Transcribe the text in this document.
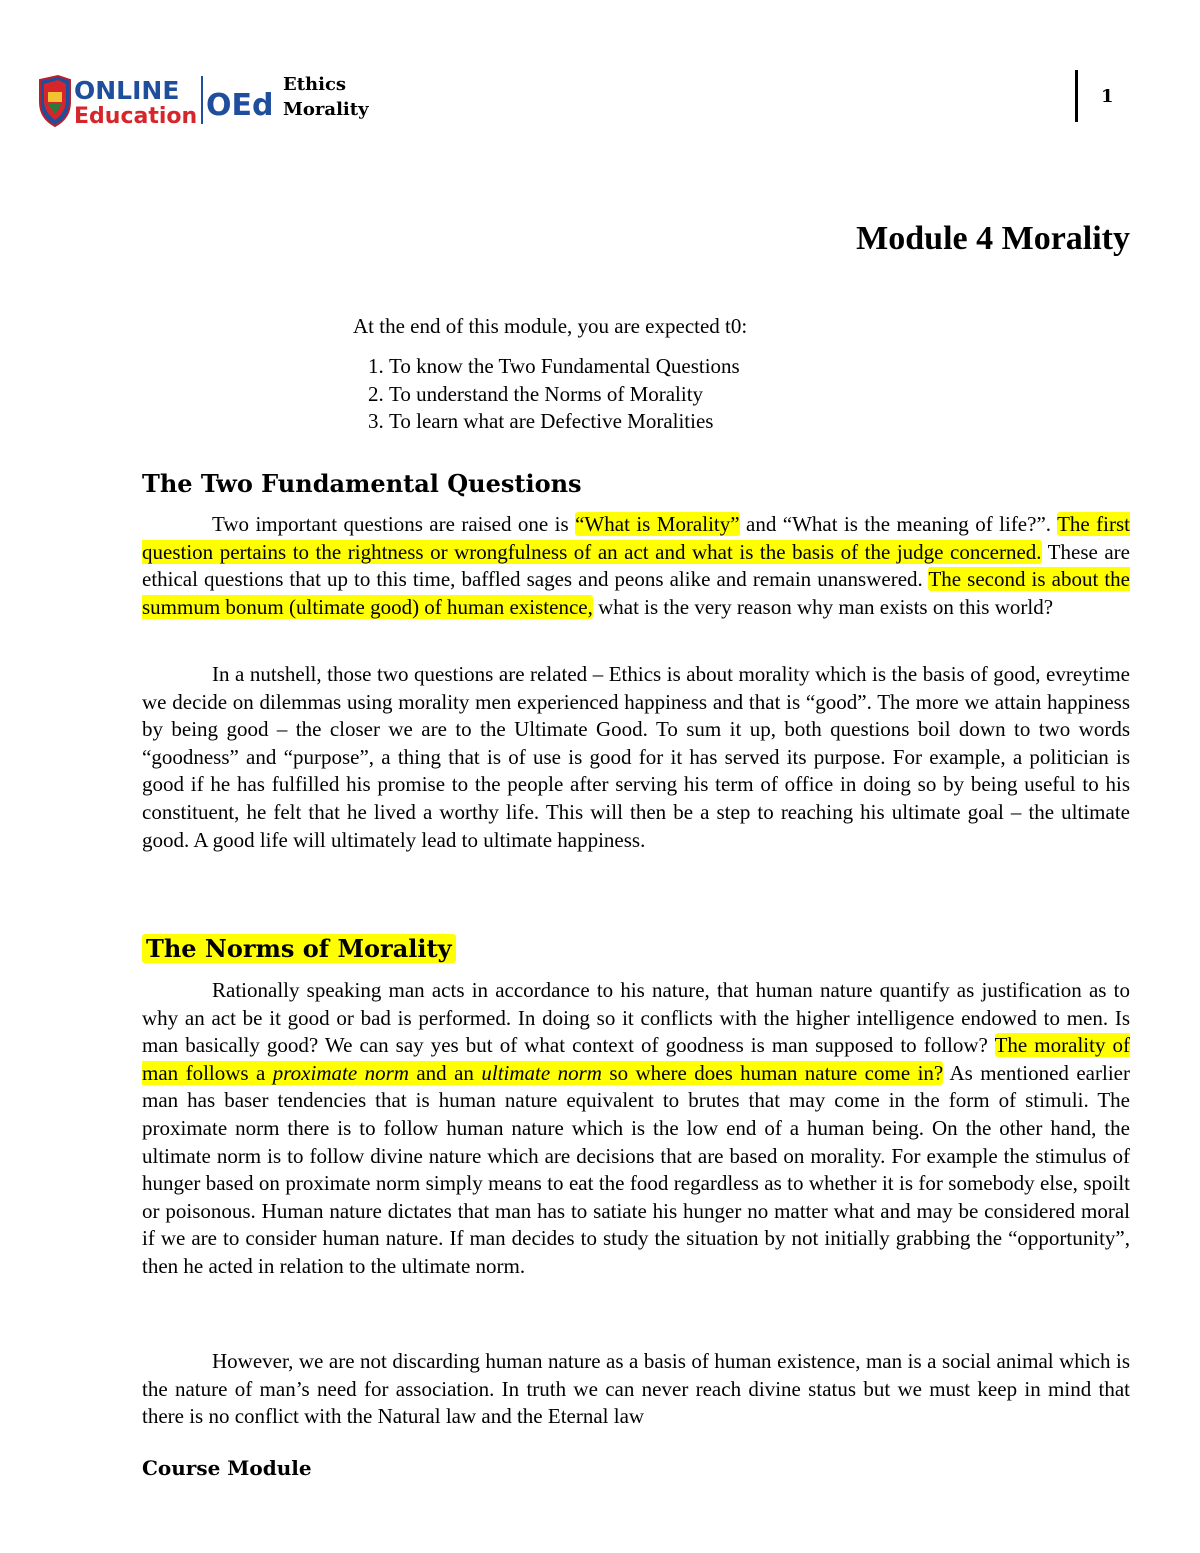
ONLINE
Education OEd
Ethics
Morality
1
Module 4 Morality

At the end of this module, you are expected t0:

1. To know the Two Fundamental Questions
2. To understand the Norms of Morality
3. To learn what are Defective Moralities
The Two Fundamental Questions

Two important questions are raised one is “What is Morality” and “What is the meaning of life?”. The first question pertains to the rightness or wrongfulness of an act and what is the basis of the judge concerned. These are ethical questions that up to this time, baffled sages and peons alike and remain unanswered. The second is about the summum bonum (ultimate good) of human existence, what is the very reason why man exists on this world?

In a nutshell, those two questions are related – Ethics is about morality which is the basis of good, evreytime we decide on dilemmas using morality men experienced happiness and that is “good”. The more we attain happiness by being good – the closer we are to the Ultimate Good. To sum it up, both questions boil down to two words “goodness” and “purpose”, a thing that is of use is good for it has served its purpose. For example, a politician is good if he has fulfilled his promise to the people after serving his term of office in doing so by being useful to his constituent, he felt that he lived a worthy life. This will then be a step to reaching his ultimate goal – the ultimate good. A good life will ultimately lead to ultimate happiness.

The Norms of Morality

Rationally speaking man acts in accordance to his nature, that human nature quantify as justification as to why an act be it good or bad is performed. In doing so it conflicts with the higher intelligence endowed to men. Is man basically good? We can say yes but of what context of goodness is man supposed to follow? The morality of man follows a proximate norm and an ultimate norm so where does human nature come in? As mentioned earlier man has baser tendencies that is human nature equivalent to brutes that may come in the form of stimuli. The proximate norm there is to follow human nature which is the low end of a human being. On the other hand, the ultimate norm is to follow divine nature which are decisions that are based on morality. For example the stimulus of hunger based on proximate norm simply means to eat the food regardless as to whether it is for somebody else, spoilt or poisonous. Human nature dictates that man has to satiate his hunger no matter what and may be considered moral if we are to consider human nature. If man decides to study the situation by not initially grabbing the “opportunity”, then he acted in relation to the ultimate norm.

However, we are not discarding human nature as a basis of human existence, man is a social animal which is the nature of man’s need for association. In truth we can never reach divine status but we must keep in mind that there is no conflict with the Natural law and the Eternal law

Course Module
